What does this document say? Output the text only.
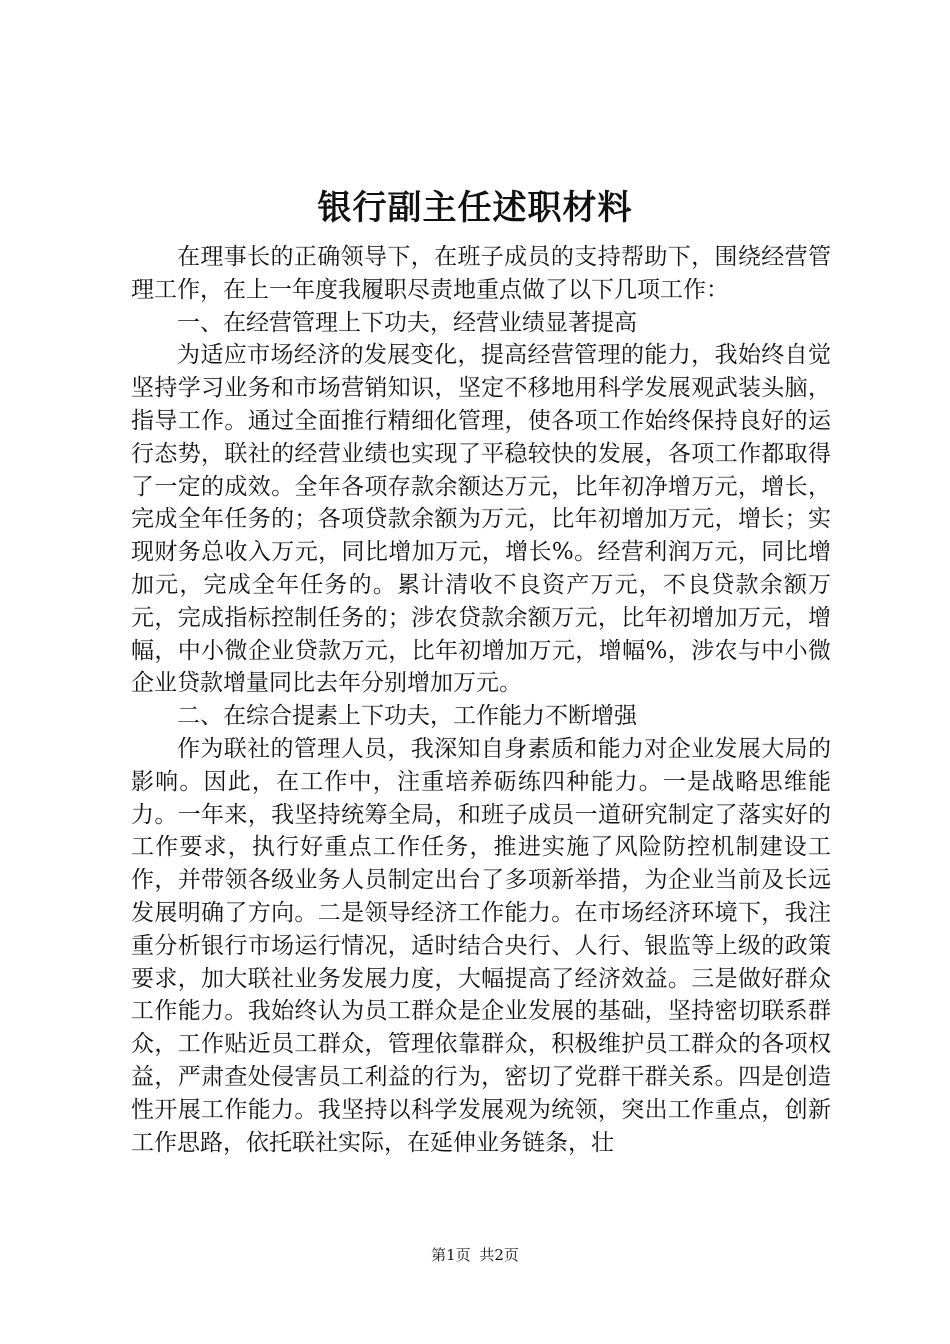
银行副主任述职材料

在理事长的正确领导下，在班子成员的支持帮助下，围绕经营管理工作，在上一年度我履职尽责地重点做了以下几项工作：

一、在经营管理上下功夫，经营业绩显著提高

为适应市场经济的发展变化，提高经营管理的能力，我始终自觉坚持学习业务和市场营销知识，坚定不移地用科学发展观武装头脑，指导工作。通过全面推行精细化管理，使各项工作始终保持良好的运行态势，联社的经营业绩也实现了平稳较快的发展，各项工作都取得了一定的成效。全年各项存款余额达万元，比年初净增万元，增长，完成全年任务的；各项贷款余额为万元，比年初增加万元，增长；实现财务总收入万元，同比增加万元，增长%。经营利润万元，同比增加元，完成全年任务的。累计清收不良资产万元，不良贷款余额万元，完成指标控制任务的；涉农贷款余额万元，比年初增加万元，增幅，中小微企业贷款万元，比年初增加万元，增幅%，涉农与中小微企业贷款增量同比去年分别增加万元。

二、在综合提素上下功夫，工作能力不断增强

作为联社的管理人员，我深知自身素质和能力对企业发展大局的影响。因此，在工作中，注重培养砺练四种能力。一是战略思维能力。一年来，我坚持统筹全局，和班子成员一道研究制定了落实好的工作要求，执行好重点工作任务，推进实施了风险防控机制建设工作，并带领各级业务人员制定出台了多项新举措，为企业当前及长远发展明确了方向。二是领导经济工作能力。在市场经济环境下，我注重分析银行市场运行情况，适时结合央行、人行、银监等上级的政策要求，加大联社业务发展力度，大幅提高了经济效益。三是做好群众工作能力。我始终认为员工群众是企业发展的基础，坚持密切联系群众，工作贴近员工群众，管理依靠群众，积极维护员工群众的各项权益，严肃查处侵害员工利益的行为，密切了党群干群关系。四是创造性开展工作能力。我坚持以科学发展观为统领，突出工作重点，创新工作思路，依托联社实际，在延伸业务链条，壮

第1页 共2页
